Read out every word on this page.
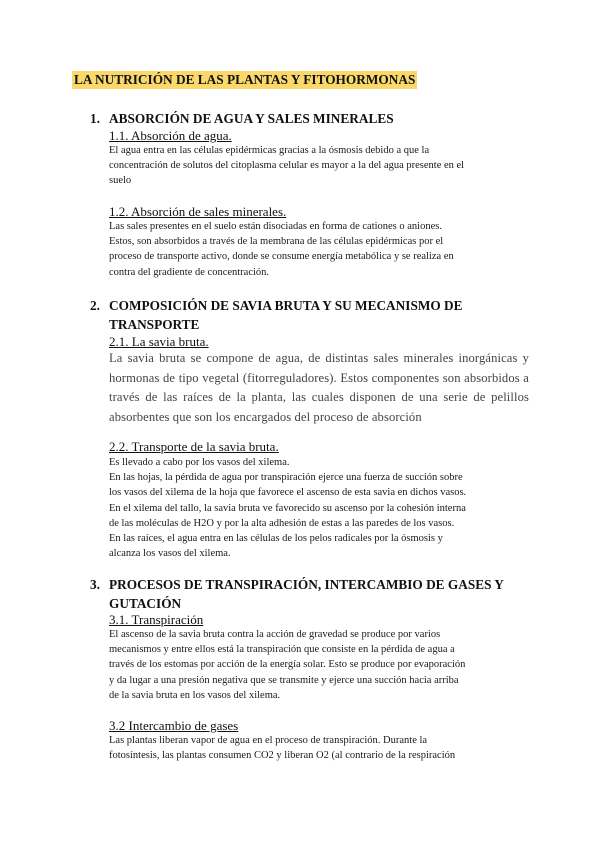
LA NUTRICIÓN DE LAS PLANTAS Y FITOHORMONAS
1. ABSORCIÓN DE AGUA Y SALES MINERALES
1.1. Absorción de agua.
El agua entra en las células epidérmicas gracias a la ósmosis debido a que la
concentración de solutos del citoplasma celular es mayor a la del agua presente en el
suelo
1.2. Absorción de sales minerales.
Las sales presentes en el suelo están disociadas en forma de cationes o aniones.
Estos, son absorbidos a través de la membrana de las células epidérmicas por el
proceso de transporte activo, donde se consume energía metabólica y se realiza en
contra del gradiente de concentración.
2. COMPOSICIÓN DE SAVIA BRUTA Y SU MECANISMO DE TRANSPORTE
2.1. La savia bruta.
La savia bruta se compone de agua, de distintas sales minerales inorgánicas y hormonas de tipo vegetal (fitorreguladores). Estos componentes son absorbidos a través de las raíces de la planta, las cuales disponen de una serie de pelillos absorbentes que son los encargados del proceso de absorción
2.2. Transporte de la savia bruta.
Es llevado a cabo por los vasos del xilema.
En las hojas, la pérdida de agua por transpiración ejerce una fuerza de succión sobre
los vasos del xilema de la hoja que favorece el ascenso de esta savia en dichos vasos.
En el xilema del tallo, la savia bruta ve favorecido su ascenso por la cohesión interna
de las moléculas de H2O y por la alta adhesión de estas a las paredes de los vasos.
En las raíces, el agua entra en las células de los pelos radicales por la ósmosis y
alcanza los vasos del xilema.
3. PROCESOS DE TRANSPIRACIÓN, INTERCAMBIO DE GASES Y GUTACIÓN
3.1. Transpiración
El ascenso de la savia bruta contra la acción de gravedad se produce por varios
mecanismos y entre ellos está la transpiración que consiste en la pérdida de agua a
través de los estomas por acción de la energía solar. Esto se produce por evaporación
y da lugar a una presión negativa que se transmite y ejerce una succión hacia arriba
de la savia bruta en los vasos del xilema.
3.2 Intercambio de gases
Las plantas liberan vapor de agua en el proceso de transpiración. Durante la
fotosíntesis, las plantas consumen CO2 y liberan O2 (al contrario de la respiración
